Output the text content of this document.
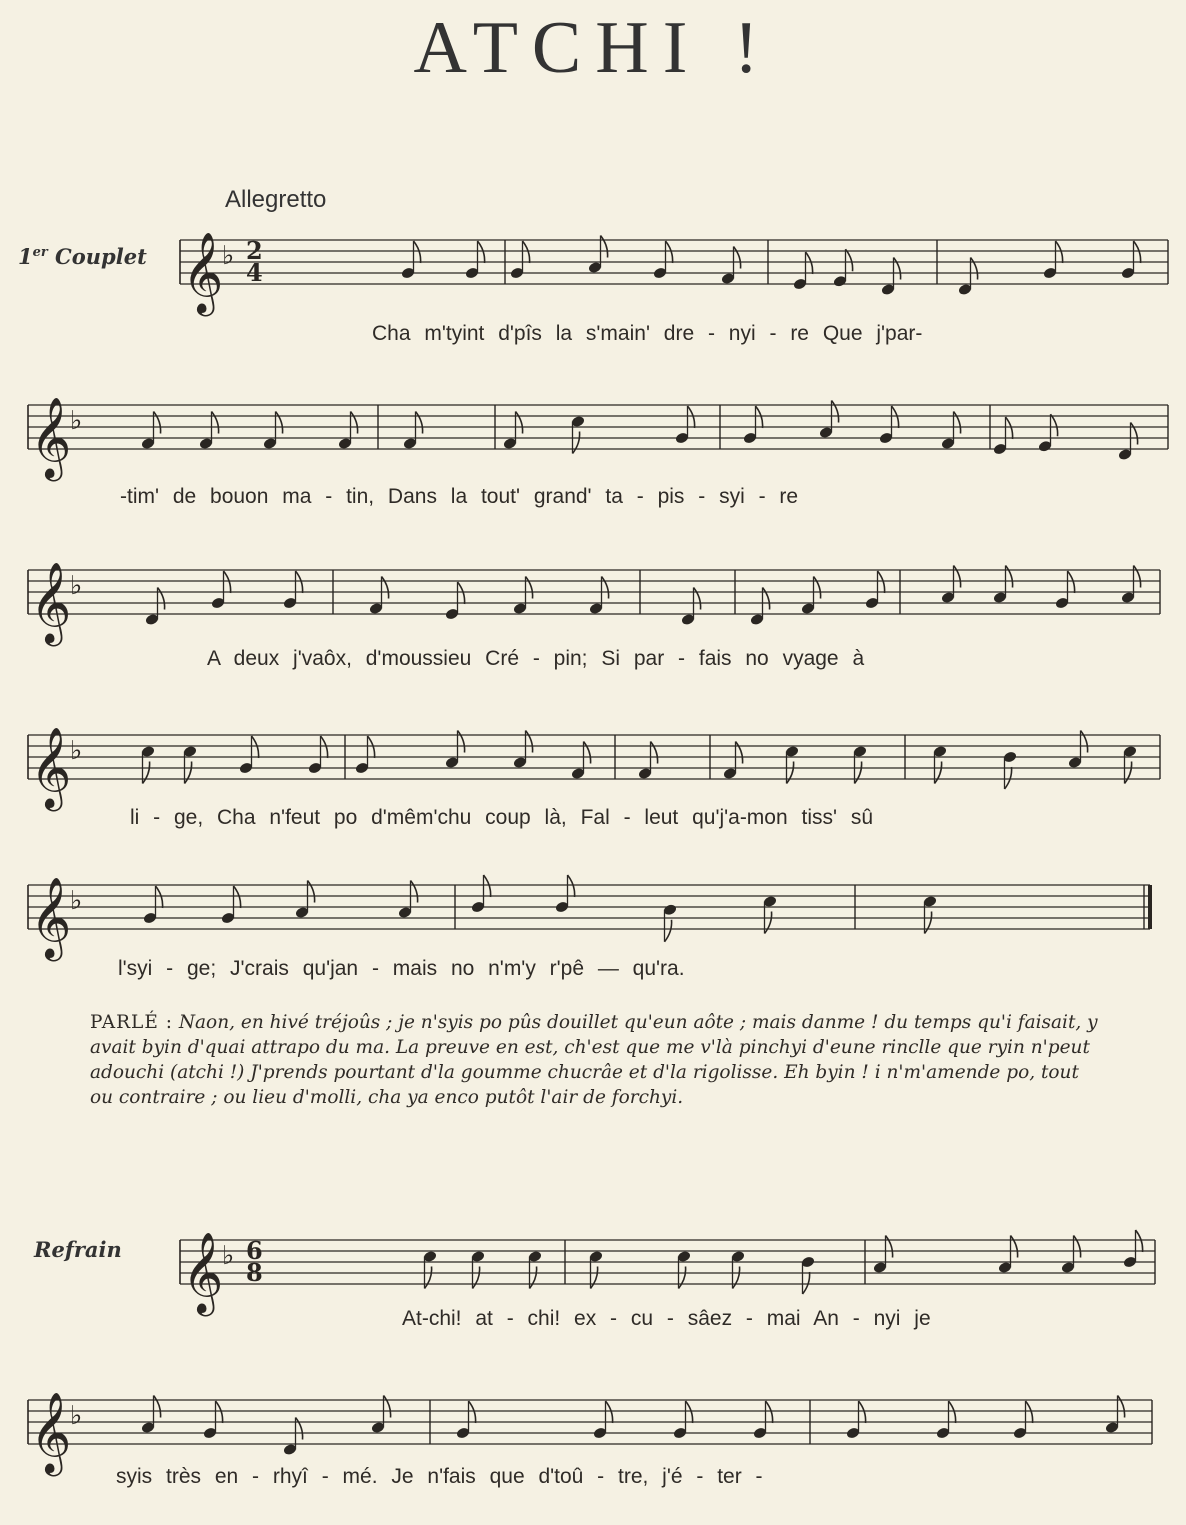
ATCHI !
Allegretto
1er Couplet
Refrain
𝄞
♭ 2
4
𝄞
♭
𝄞
♭
𝄞
♭
𝄞
♭
𝄞
♭ 6
8
𝄞
♭
Cha m'tyint d'pîs la s'main' dre - nyi - re Que j'par-
-tim' de bouon ma - tin, Dans la tout' grand' ta - pis - syi - re
A deux j'vaôx, d'moussieu Cré - pin; Si par - fais no vyage à
li - ge, Cha n'feut po d'mêm'chu coup là, Fal - leut qu'j'a-mon tiss' sû
l'syi - ge; J'crais qu'jan - mais no n'm'y r'pê — qu'ra.
PARLÉ : Naon, en hivé tréjoûs ; je n'syis po pûs douillet qu'eun aôte ; mais danme ! du temps qu'i faisait, y avait byin d'quai attrapo du ma. La preuve en est, ch'est que me v'là pinchyi d'eune rinclle que ryin n'peut adouchi (atchi !) J'prends pourtant d'la goumme chucrâe et d'la rigolisse. Eh byin ! i n'm'amende po, tout ou contraire ; ou lieu d'molli, cha ya enco putôt l'air de forchyi.
At-chi! at - chi! ex - cu - sâez - mai An - nyi je
syis très en - rhyî - mé. Je n'fais que d'toû - tre, j'é - ter -
